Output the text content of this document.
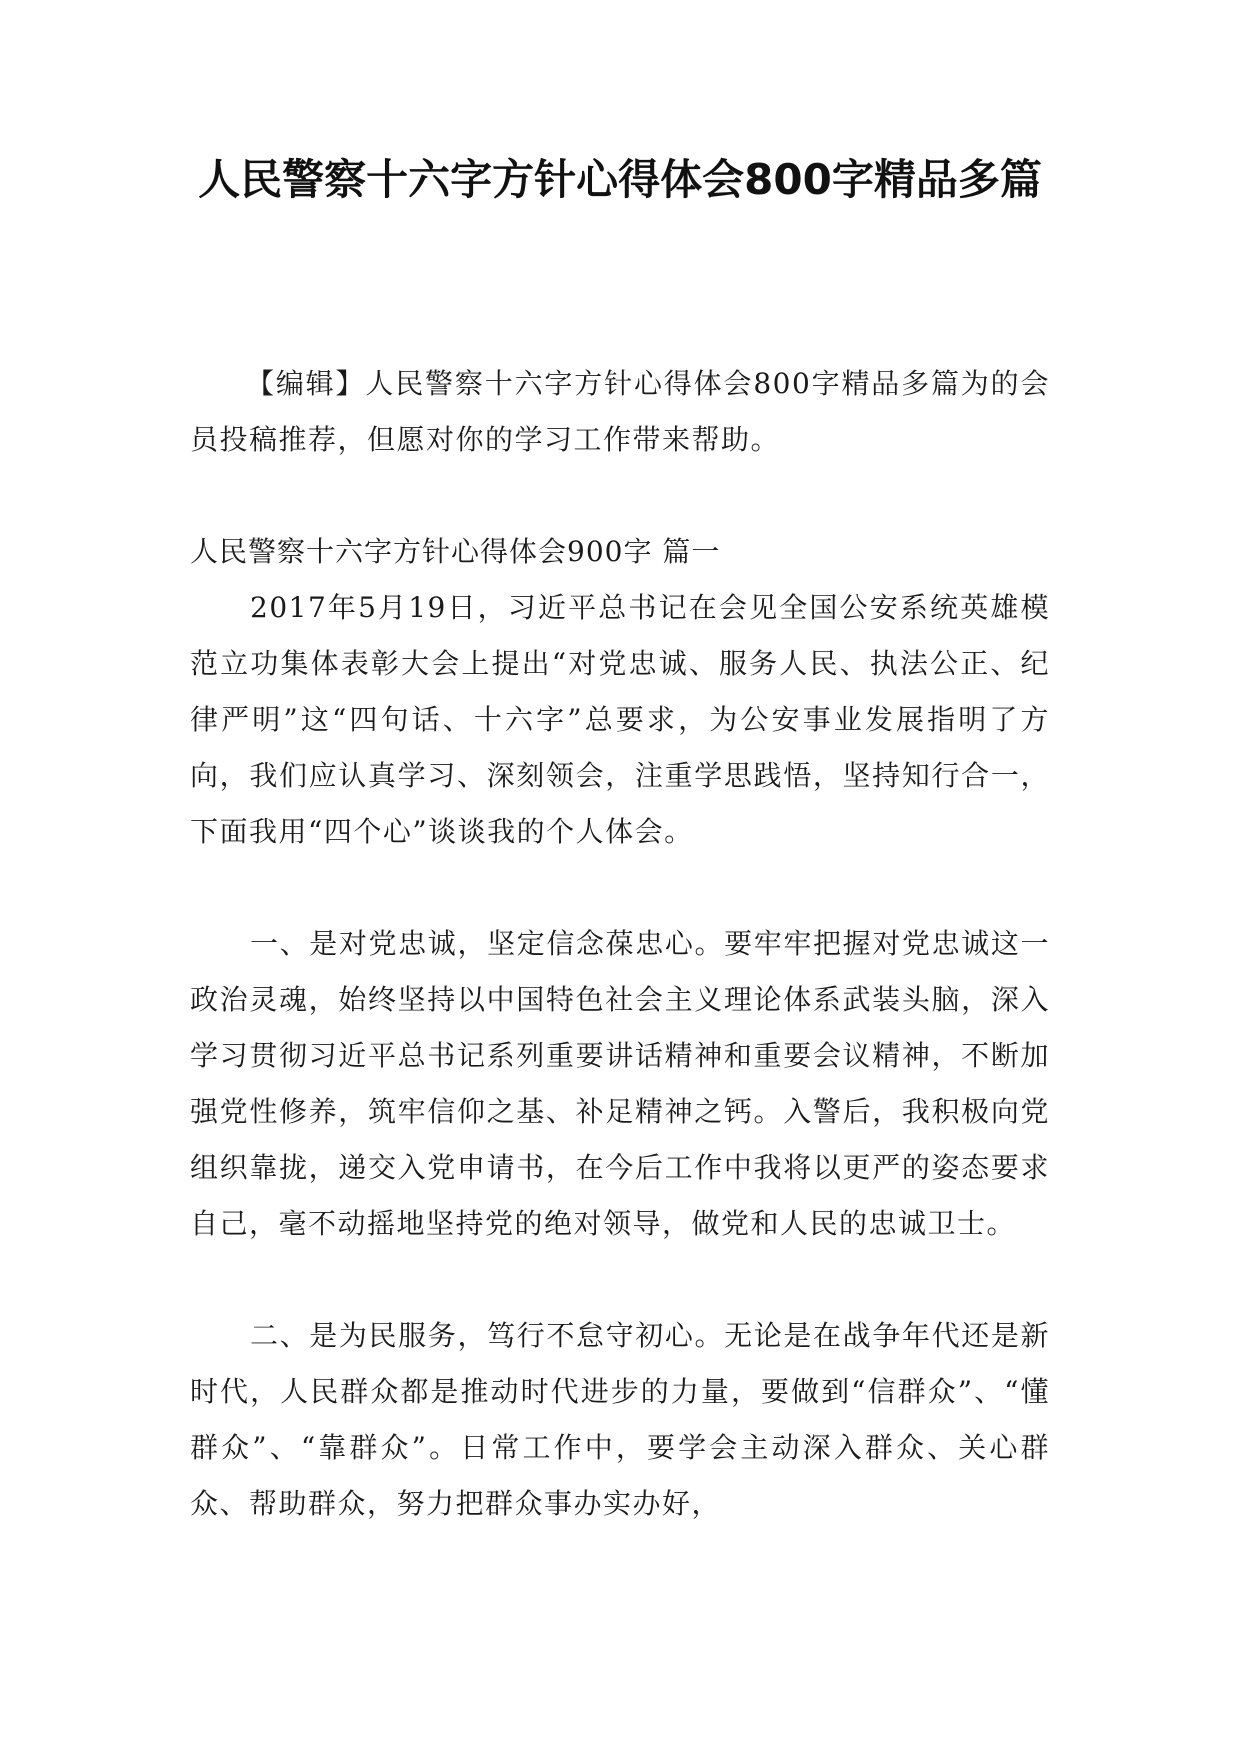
人民警察十六字方针心得体会800字精品多篇

【编辑】人民警察十六字方针心得体会800字精品多篇为的会员投稿推荐，但愿对你的学习工作带来帮助。

人民警察十六字方针心得体会900字 篇一

2017年5月19日，习近平总书记在会见全国公安系统英雄模范立功集体表彰大会上提出“对党忠诚、服务人民、执法公正、纪律严明”这“四句话、十六字”总要求，为公安事业发展指明了方向，我们应认真学习、深刻领会，注重学思践悟，坚持知行合一，下面我用“四个心”谈谈我的个人体会。

一、是对党忠诚，坚定信念葆忠心。要牢牢把握对党忠诚这一政治灵魂，始终坚持以中国特色社会主义理论体系武装头脑，深入学习贯彻习近平总书记系列重要讲话精神和重要会议精神，不断加强党性修养，筑牢信仰之基、补足精神之钙。入警后，我积极向党组织靠拢，递交入党申请书，在今后工作中我将以更严的姿态要求自己，毫不动摇地坚持党的绝对领导，做党和人民的忠诚卫士。

二、是为民服务，笃行不怠守初心。无论是在战争年代还是新时代，人民群众都是推动时代进步的力量，要做到“信群众”、“懂群众”、“靠群众”。日常工作中，要学会主动深入群众、关心群众、帮助群众，努力把群众事办实办好，
